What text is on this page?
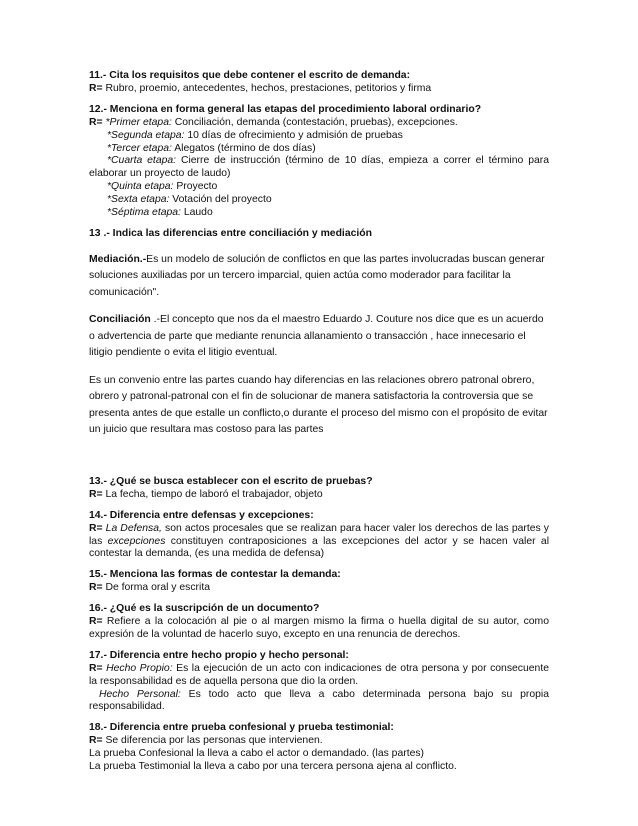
11.- Cita los requisitos que debe contener el escrito de demanda:
R= Rubro, proemio, antecedentes, hechos, prestaciones, petitorios y firma
12.- Menciona en forma general las etapas del procedimiento laboral ordinario?
R= *Primer etapa: Conciliación, demanda (contestación, pruebas), excepciones.
*Segunda etapa: 10 días de ofrecimiento y admisión de pruebas
*Tercer etapa: Alegatos (término de dos días)
*Cuarta etapa: Cierre de instrucción (término de 10 días, empieza a correr el término para elaborar un proyecto de laudo)
*Quinta etapa: Proyecto
*Sexta etapa: Votación del proyecto
*Séptima etapa: Laudo
13 .- Indica las diferencias entre conciliación y mediación
Mediación.-Es un modelo de solución de conflictos en que las partes involucradas buscan generar soluciones auxiliadas por un tercero imparcial, quien actúa como moderador para facilitar la comunicación".
Conciliación .-El concepto que nos da el maestro Eduardo J. Couture nos dice que es un acuerdo o advertencia de parte que mediante renuncia allanamiento o transacción , hace innecesario el litigio pendiente o evita el litigio eventual.
Es un convenio entre las partes cuando hay diferencias en las relaciones obrero patronal obrero, obrero y patronal-patronal con el fin de solucionar de manera satisfactoria la controversia que se presenta antes de que estalle un conflicto,o durante el proceso del mismo con el propósito de evitar un juicio que resultara mas costoso para las partes
13.- ¿Qué se busca establecer con el escrito de pruebas?
R= La fecha, tiempo de laboró el trabajador, objeto
14.- Diferencia entre defensas y excepciones:
R= La Defensa, son actos procesales que se realizan para hacer valer los derechos de las partes y las excepciones constituyen contraposiciones a las excepciones del actor y se hacen valer al contestar la demanda, (es una medida de defensa)
15.- Menciona las formas de contestar la demanda:
R= De forma oral y escrita
16.- ¿Qué es la suscripción de un documento?
R= Refiere a la colocación al pie o al margen mismo la firma o huella digital de su autor, como expresión de la voluntad de hacerlo suyo, excepto en una renuncia de derechos.
17.- Diferencia entre hecho propio y hecho personal:
R= Hecho Propio: Es la ejecución de un acto con indicaciones de otra persona y por consecuente la responsabilidad es de aquella persona que dio la orden.
Hecho Personal: Es todo acto que lleva a cabo determinada persona bajo su propia responsabilidad.
18.- Diferencia entre prueba confesional y prueba testimonial:
R= Se diferencia por las personas que intervienen.
La prueba Confesional la lleva a cabo el actor o demandado. (las partes)
La prueba Testimonial la lleva a cabo por una tercera persona ajena al conflicto.
